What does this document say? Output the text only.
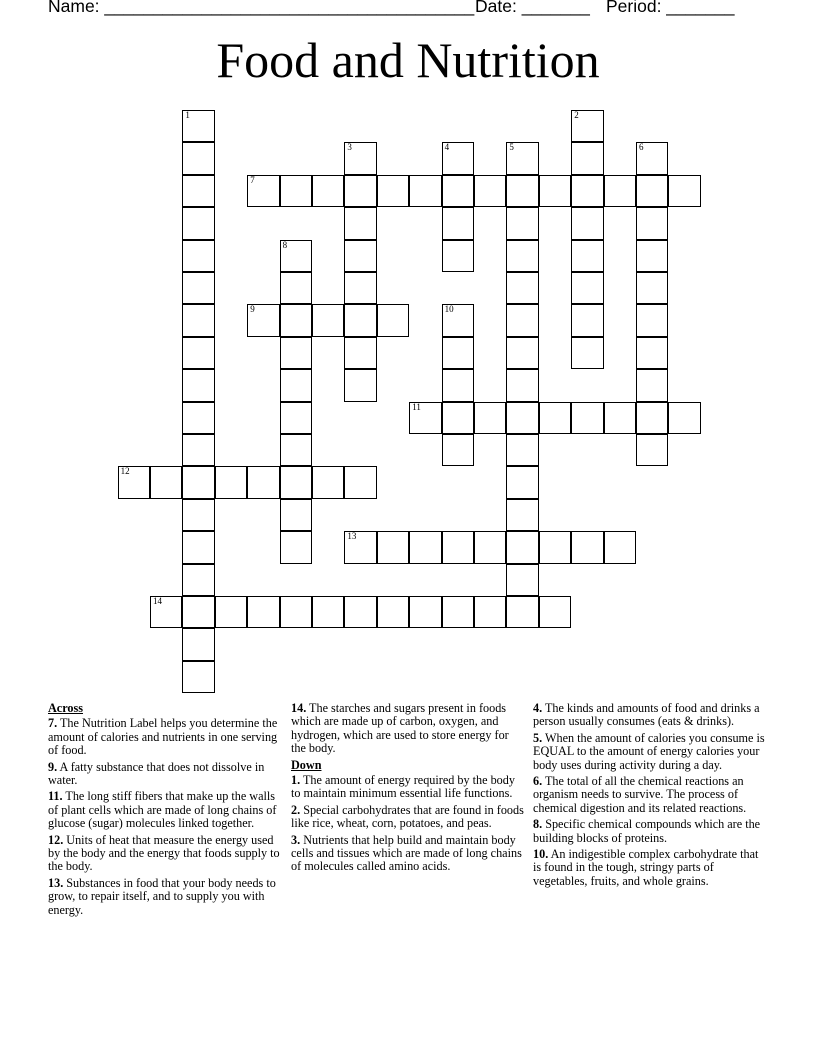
Name: ______________________________________

Date: _______

Period: _______

Food and Nutrition
1	2
3	4	5	6
7
8
9	10
11
12
13
14
Across
7. The Nutrition Label helps you determine the amount of calories and nutrients in one serving of food.
9. A fatty substance that does not dissolve in water.
11. The long stiff fibers that make up the walls of plant cells which are made of long chains of glucose (sugar) molecules linked together.
12. Units of heat that measure the energy used by the body and the energy that foods supply to the body.
13. Substances in food that your body needs to grow, to repair itself, and to supply you with energy.
14. The starches and sugars present in foods which are made up of carbon, oxygen, and hydrogen, which are used to store energy for the body.
Down
1. The amount of energy required by the body to maintain minimum essential life functions.
2. Special carbohydrates that are found in foods like rice, wheat, corn, potatoes, and peas.
3. Nutrients that help build and maintain body cells and tissues which are made of long chains of molecules called amino acids.
4. The kinds and amounts of food and drinks a person usually consumes (eats & drinks).
5. When the amount of calories you consume is EQUAL to the amount of energy calories your body uses during activity during a day.
6. The total of all the chemical reactions an organism needs to survive. The process of chemical digestion and its related reactions.
8. Specific chemical compounds which are the building blocks of proteins.
10. An indigestible complex carbohydrate that is found in the tough, stringy parts of vegetables, fruits, and whole grains.
